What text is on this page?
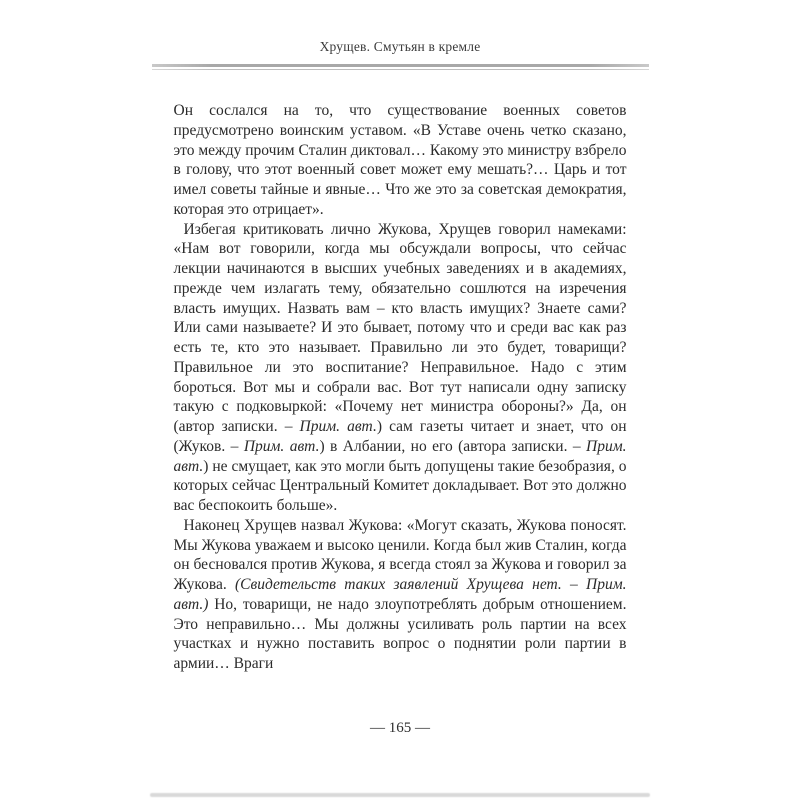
Хрущев. Смутьян в кремле

Он сослался на то, что существование военных советов предусмотрено воинским уставом. «В Уставе очень четко сказано, это между прочим Сталин диктовал… Какому это министру взбрело в голову, что этот военный совет может ему мешать?… Царь и тот имел советы тайные и явные… Что же это за советская демократия, которая это отрицает».

Избегая критиковать лично Жукова, Хрущев говорил намеками: «Нам вот говорили, когда мы обсуждали вопросы, что сейчас лекции начинаются в высших учебных заведениях и в академиях, прежде чем излагать тему, обязательно сошлются на изречения власть имущих. Назвать вам – кто власть имущих? Знаете сами? Или сами называете? И это бывает, потому что и среди вас как раз есть те, кто это называет. Правильно ли это будет, товарищи? Правильное ли это воспитание? Неправильное. Надо с этим бороться. Вот мы и собрали вас. Вот тут написали одну записку такую с подковыркой: «Почему нет министра обороны?» Да, он (автор записки. – Прим. авт.) сам газеты читает и знает, что он (Жуков. – Прим. авт.) в Албании, но его (автора записки. – Прим. авт.) не смущает, как это могли быть допущены такие безобразия, о которых сейчас Центральный Комитет докладывает. Вот это должно вас беспокоить больше».

Наконец Хрущев назвал Жукова: «Могут сказать, Жукова поносят. Мы Жукова уважаем и высоко ценили. Когда был жив Сталин, когда он бесновался против Жукова, я всегда стоял за Жукова и говорил за Жукова. (Свидетельств таких заявлений Хрущева нет. – Прим. авт.) Но, товарищи, не надо злоупотреблять добрым отношением. Это неправильно… Мы должны усиливать роль партии на всех участках и нужно поставить вопрос о поднятии роли партии в армии… Враги

— 165 —
